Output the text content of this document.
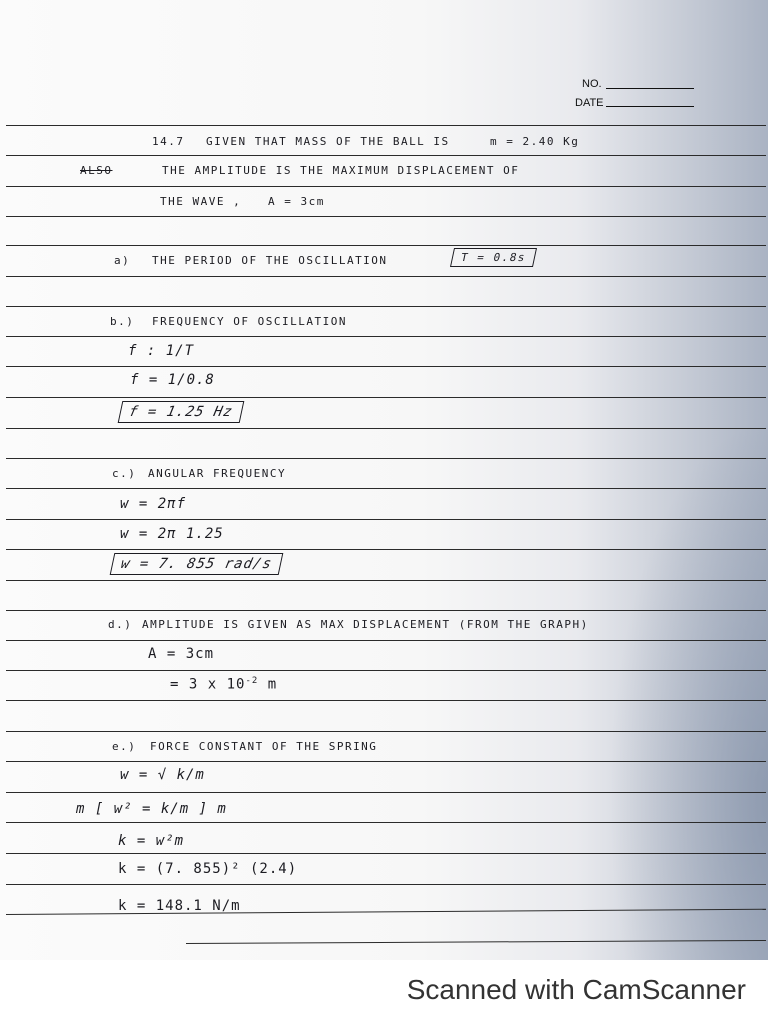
NO.
DATE
14.7 GIVEN THAT MASS OF THE BALL IS	m = 2.40 Kg
ALSO	THE AMPLITUDE IS THE MAXIMUM DISPLACEMENT OF
THE WAVE , A = 3cm
a) THE PERIOD OF THE OSCILLATION	T = 0.8s
b.) FREQUENCY OF OSCILLATION
f : 1/T
f = 1/0.8
f = 1.25 Hz
c.) ANGULAR FREQUENCY
w = 2πf
w = 2π 1.25
w = 7. 855 rad/s
d.) AMPLITUDE IS GIVEN AS MAX DISPLACEMENT (FROM THE GRAPH)
A = 3cm
= 3 x $10^{-2}$ m
e.) FORCE CONSTANT OF THE SPRING
w = √ k/m
m [ w² = k/m ] m
k = w²m
k = (7. 855)² (2.4)
k = 148.1 N/m
Scanned with CamScanner
